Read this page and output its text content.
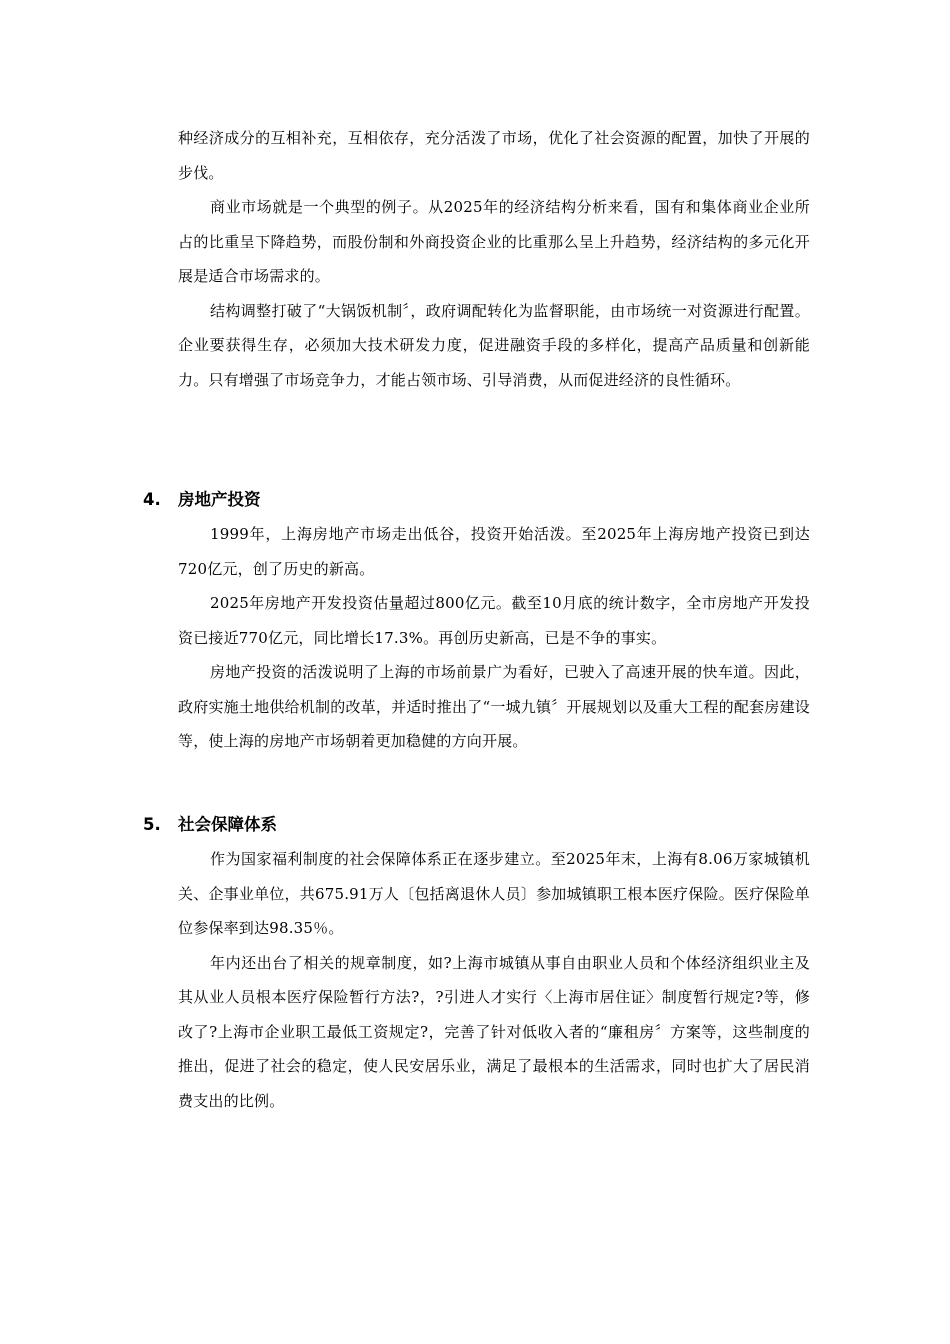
种经济成分的互相补充，互相依存，充分活泼了市场，优化了社会资源的配置，加快了开展的步伐。

商业市场就是一个典型的例子。从2025年的经济结构分析来看，国有和集体商业企业所占的比重呈下降趋势，而股份制和外商投资企业的比重那么呈上升趋势，经济结构的多元化开展是适合市场需求的。

结构调整打破了“大锅饭机制〞，政府调配转化为监督职能，由市场统一对资源进行配置。企业要获得生存，必须加大技术研发力度，促进融资手段的多样化，提高产品质量和创新能力。只有增强了市场竞争力，才能占领市场、引导消费，从而促进经济的良性循环。

4.	房地产投资

1999年，上海房地产市场走出低谷，投资开始活泼。至2025年上海房地产投资已到达720亿元，创了历史的新高。

2025年房地产开发投资估量超过800亿元。截至10月底的统计数字，全市房地产开发投资已接近770亿元，同比增长17.3%。再创历史新高，已是不争的事实。

房地产投资的活泼说明了上海的市场前景广为看好，已驶入了高速开展的快车道。因此，政府实施土地供给机制的改革，并适时推出了“一城九镇〞开展规划以及重大工程的配套房建设等，使上海的房地产市场朝着更加稳健的方向开展。

5.	社会保障体系

作为国家福利制度的社会保障体系正在逐步建立。至2025年末，上海有8.06万家城镇机关、企事业单位，共675.91万人〔包括离退休人员〕参加城镇职工根本医疗保险。医疗保险单位参保率到达98.35％。

年内还出台了相关的规章制度，如?上海市城镇从事自由职业人员和个体经济组织业主及其从业人员根本医疗保险暂行方法?，?引进人才实行〈上海市居住证〉制度暂行规定?等，修改了?上海市企业职工最低工资规定?，完善了针对低收入者的“廉租房〞方案等，这些制度的推出，促进了社会的稳定，使人民安居乐业，满足了最根本的生活需求，同时也扩大了居民消费支出的比例。
